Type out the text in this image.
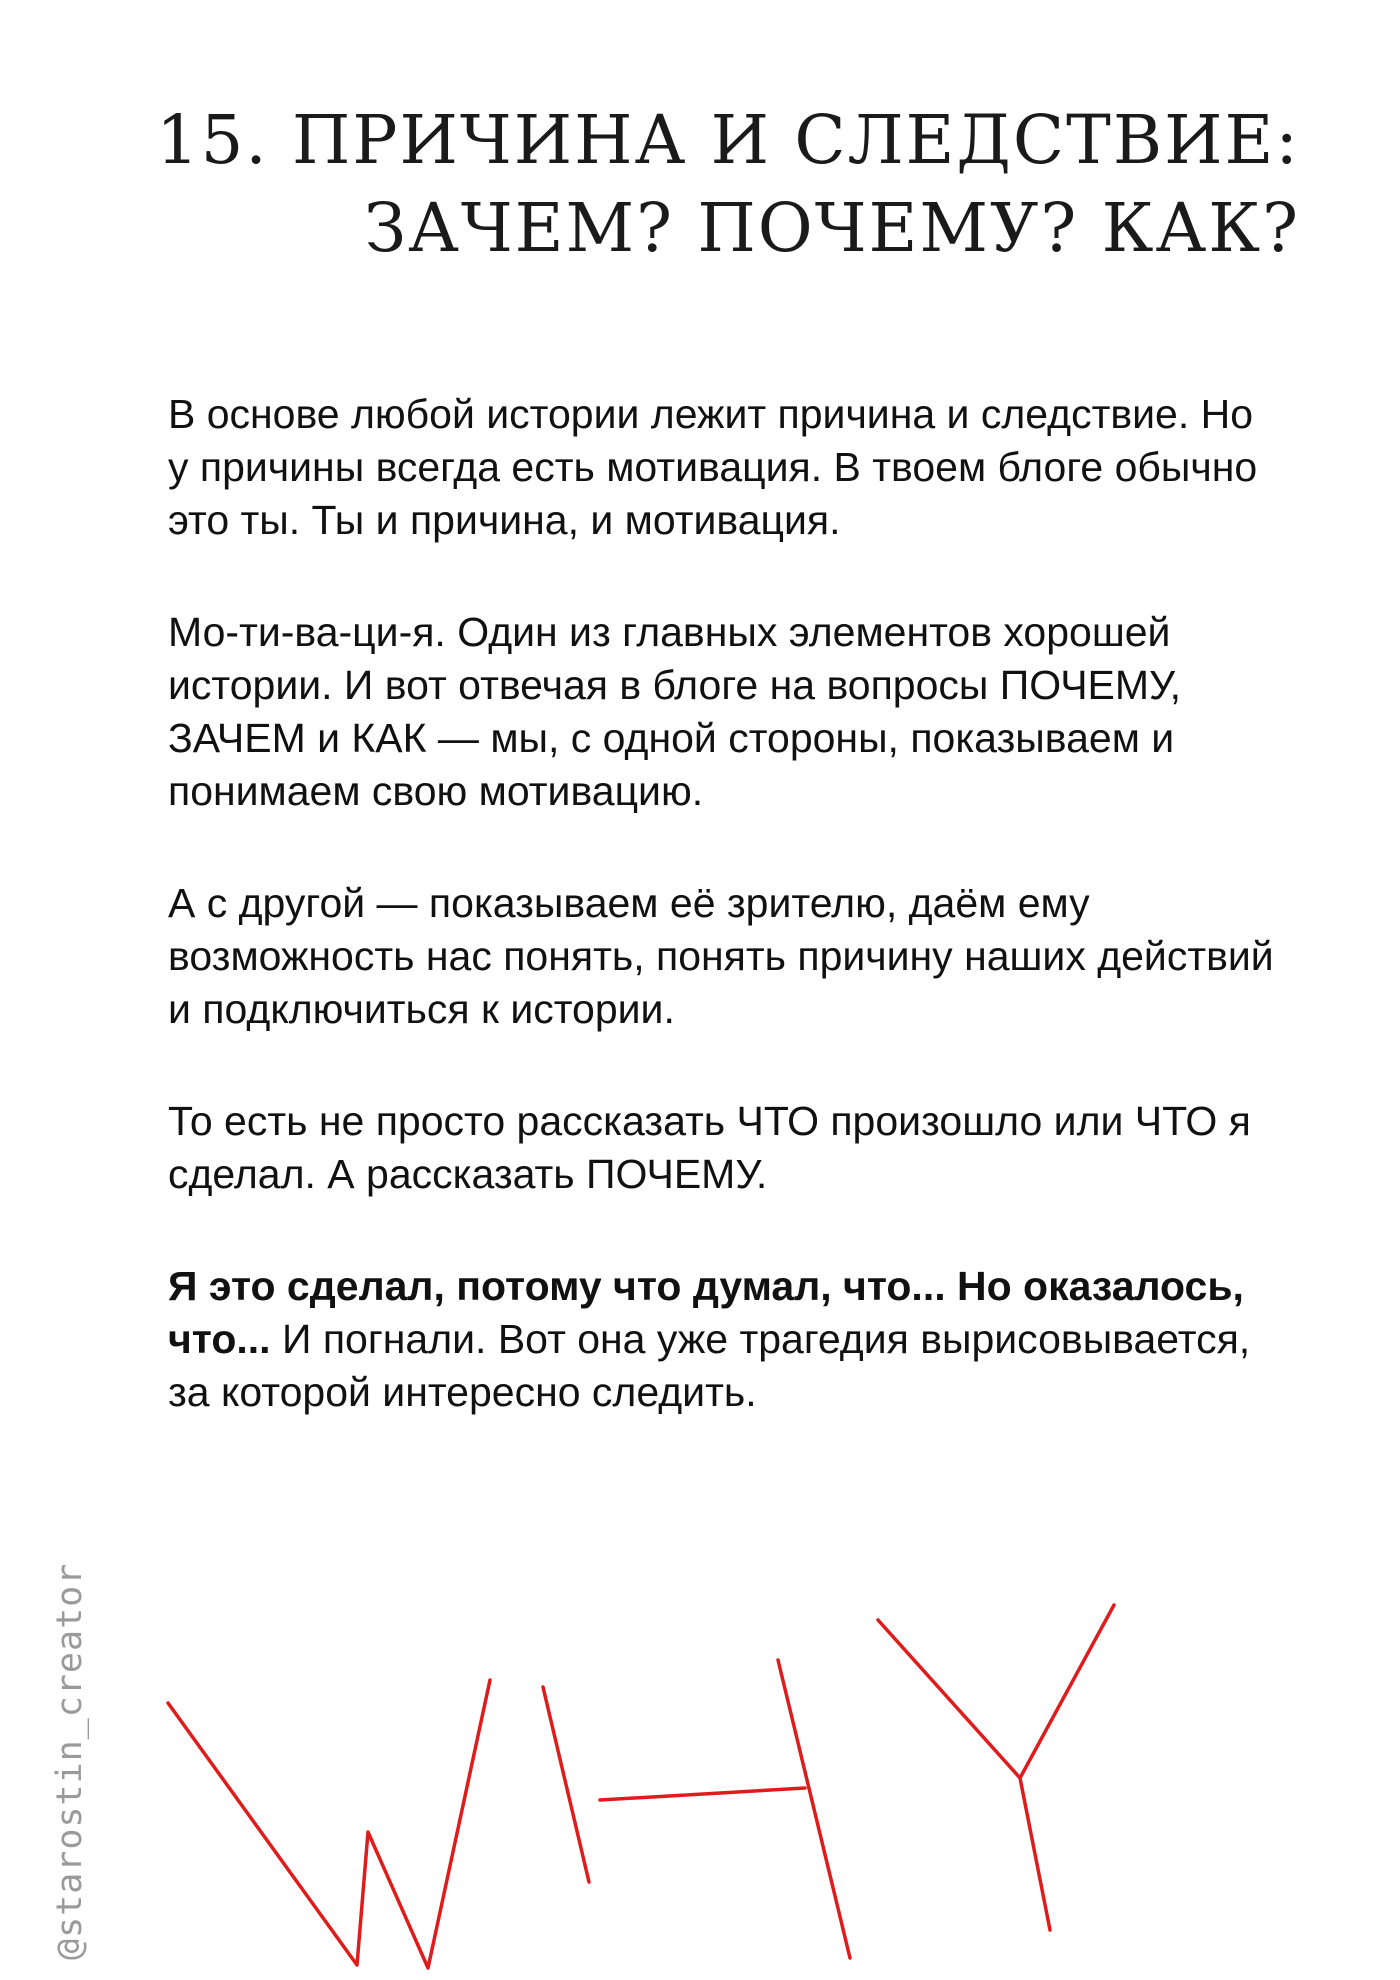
15. ПРИЧИНА И СЛЕДСТВИЕ:
ЗАЧЕМ? ПОЧЕМУ? КАК?

В основе любой истории лежит причина и следствие. Но у причины всегда есть мотивация. В твоем блоге обычно это ты. Ты и причина, и мотивация.

Мо-ти-ва-ци-я. Один из главных элементов хорошей истории. И вот отвечая в блоге на вопросы ПОЧЕМУ, ЗАЧЕМ и КАК — мы, с одной стороны, показываем и понимаем свою мотивацию.

А с другой — показываем её зрителю, даём ему возможность нас понять, понять причину наших действий и подключиться к истории.

То есть не просто рассказать ЧТО произошло или ЧТО я сделал. А рассказать ПОЧЕМУ.

Я это сделал, потому что думал, что... Но оказалось, что... И погнали. Вот она уже трагедия вырисовывается, за которой интересно следить.

@starostin_creator
